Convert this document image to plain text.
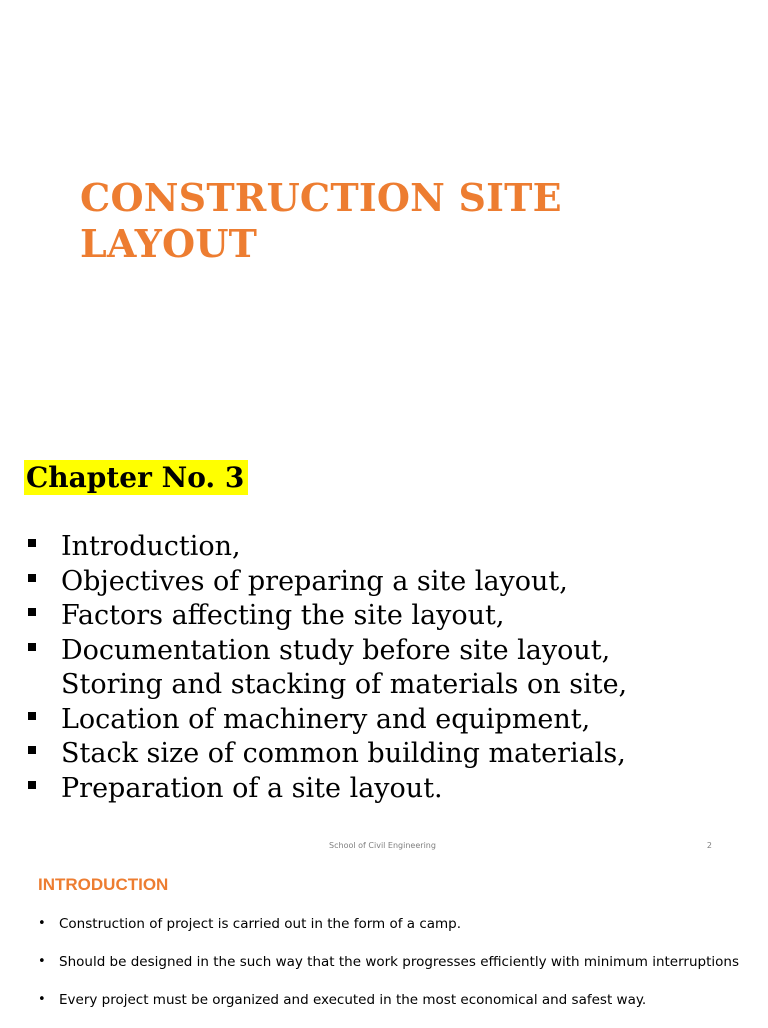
CONSTRUCTION SITE LAYOUT
Chapter No. 3
Introduction,
Objectives of preparing a site layout,
Factors affecting the site layout,
Documentation study before site layout,
Storing and stacking of materials on site,
Location of machinery and equipment,
Stack size of common building materials,
Preparation of a site layout.
School of Civil Engineering	2
INTRODUCTION
• Construction of project is carried out in the form of a camp.
• Should be designed in the such way that the work progresses efficiently with minimum interruptions
• Every project must be organized and executed in the most economical and safest way.
